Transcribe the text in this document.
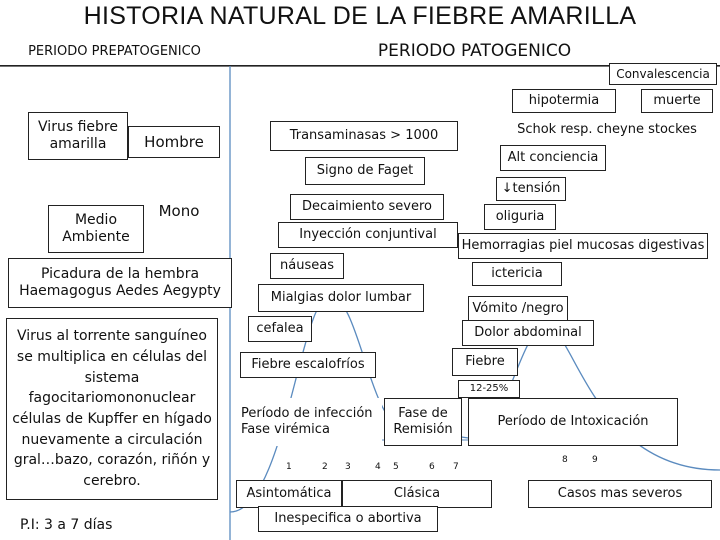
HISTORIA NATURAL DE LA FIEBRE AMARILLA
PERIODO PREPATOGENICO	PERIODO PATOGENICO
Convalescencia
Virus fiebre amarilla	Hombre
Medio Ambiente
Mono
Picadura de la hembra Haemagogus Aedes Aegypty
Virus al torrente sanguíneo se multiplica en células del sistema fagocitariomononuclear células de Kupffer en hígado nuevamente a circulación gral…bazo, corazón, riñón y cerebro.
P.I: 3 a 7 días
hipotermia	muerte
Schok resp. cheyne stockes
Transaminasas > 1000
Alt conciencia
Signo de Faget
↓tensión
Decaimiento severo
oliguria
Inyección conjuntival
Hemorragias piel mucosas digestivas
náuseas
ictericia
Mialgias dolor lumbar
Vómito /negro
cefalea	Dolor abdominal
Fiebre
Fiebre escalofríos
12-25%
Período de infección Fase virémica
Fase de Remisión
Período de Intoxicación
1	2 3	4 5	6 7
8	9
Asintomática	Clásica	Casos mas severos
Inespecifica o abortiva
